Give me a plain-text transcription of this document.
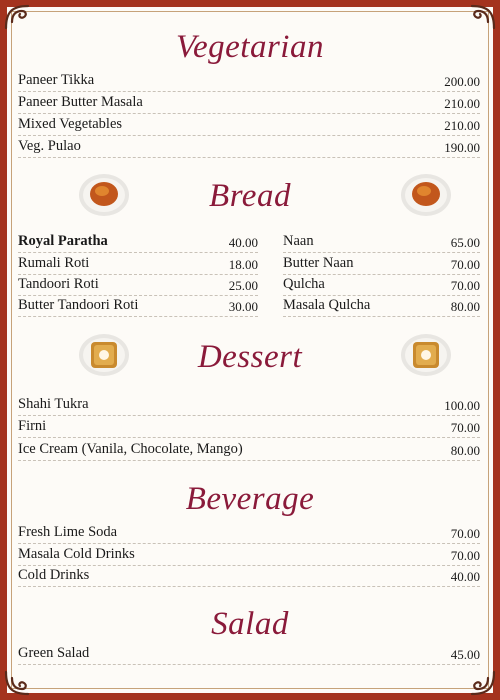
Vegetarian
Paneer Tikka	200.00
Paneer Butter Masala	210.00
Mixed Vegetables	210.00
Veg. Pulao	190.00
Bread
Royal Paratha	40.00
Rumali Roti	18.00
Tandoori Roti	25.00
Butter Tandoori Roti	30.00
Naan	65.00
Butter Naan	70.00
Qulcha	70.00
Masala Qulcha	80.00
Dessert
Shahi Tukra	100.00
Firni	70.00
Ice Cream (Vanila, Chocolate, Mango)	80.00
Beverage
Fresh Lime Soda	70.00
Masala Cold Drinks	70.00
Cold Drinks	40.00
Salad
Green Salad	45.00
